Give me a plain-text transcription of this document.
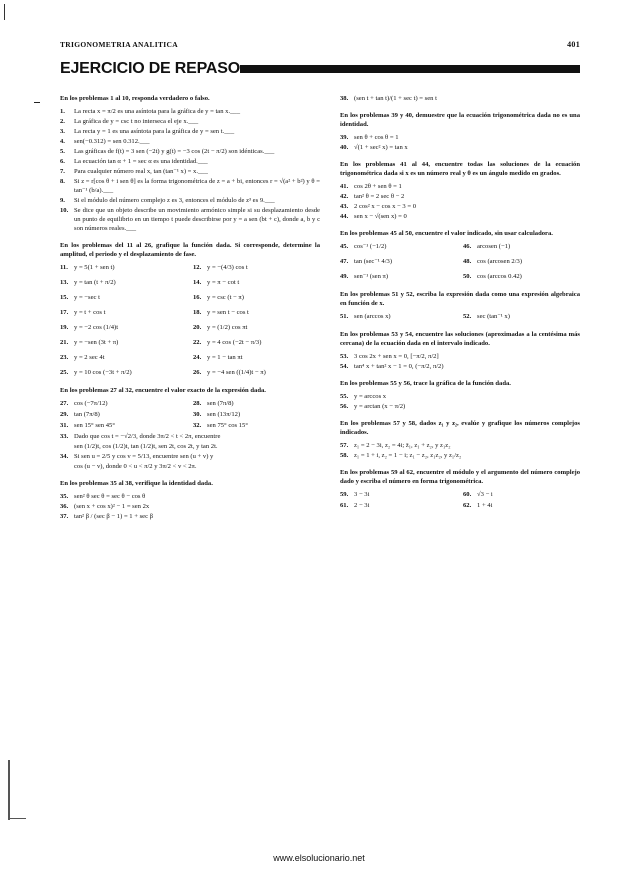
TRIGONOMETRIA ANALITICA	401
EJERCICIO DE REPASO

En los problemas 1 al 10, responda verdadero o falso.

1. La recta x = π/2 es una asíntota para la gráfica de y = tan x.___
2. La gráfica de y = csc t no interseca el eje x.___
3. La recta y = 1 es una asíntota para la gráfica de y = sen t.___
4. sen(−0.312) = sen 0.312.___
5. Las gráficas de f(t) = 3 sen (−2t) y g(t) = −3 cos (2t − π/2) son idénticas.___
6. La ecuación tan α + 1 = sec α es una identidad.___
7. Para cualquier número real x, tan (tan⁻¹ x) = x.___
8. Si z = r[cos θ + i sen θ] es la forma trigonométrica de z = a + bi, entonces r = √(a² + b²) y θ = tan⁻¹ (b/a).___
9. Si el módulo del número complejo z es 3, entonces el módulo de z³ es 9.___
10. Se dice que un objeto describe un movimiento armónico simple si su desplazamiento desde un punto de equilibrio en un tiempo t puede describirse por y = a sen (bt + c), donde a, b y c son números reales.___

En los problemas del 11 al 26, grafique la función dada. Si corresponde, determine la amplitud, el periodo y el desplazamiento de fase.

11. y = 5(1 + sen t)	12. y = −(4/3) cos t
13. y = tan (t + π/2)	14. y = π − cot t
15. y = −sec t	16. y = csc (t − π)
17. y = t + cos t	18. y = sen t − cos t
19. y = −2 cos (1/4)t	20. y = (1/2) cos πt
21. y = −sen (3t + π)	22. y = 4 cos (−2t − π/3)
23. y = 2 sec 4t	24. y = 1 − tan πt
25. y = 10 cos (−3t + π/2)	26. y = −4 sen ((1/4)t − π)

En los problemas 27 al 32, encuentre el valor exacto de la expresión dada.

27. cos (−7π/12)	28. sen (7π/8)
29. tan (7π/8)	30. sen (13π/12)
31. sen 15° sen 45°	32. sen 75° cos 15°
33. Dado que cos t = −√2/3, donde 3π/2 < t < 2π, encuentre
sen (1/2)t, cos (1/2)t, tan (1/2)t, sen 2t, cos 2t, y tan 2t.
34. Si sen u = 2/5 y cos v = 5/13, encuentre sen (u + v) y
cos (u − v), donde 0 < u < π/2 y 3π/2 < v < 2π.

En los problemas 35 al 38, verifique la identidad dada.

35. sen² θ sec θ = sec θ − cos θ
36. (sen x + cos x)² − 1 = sen 2x
37. tan² β / (sec β − 1) = 1 + sec β
38. (sen t + tan t)/(1 + sec t) = sen t

En los problemas 39 y 40, demuestre que la ecuación trigonométrica dada no es una identidad.

39. sen θ + cos θ = 1
40. √(1 + sec² x) = tan x

En los problemas 41 al 44, encuentre todas las soluciones de la ecuación trigonométrica dada si x es un número real y θ es un ángulo medido en grados.

41. cos 2θ + sen θ = 1
42. tan² θ = 2 sec θ − 2
43. 2 cos² x − cos x − 3 = 0
44. sen x − √(sen x) = 0

En los problemas 45 al 50, encuentre el valor indicado, sin usar calculadora.

45. cos⁻¹ (−1/2)	46. arcosen (−1)
47. tan (sec⁻¹ 4/3)	48. cos (arcosen 2/3)
49. sen⁻¹ (sen π)	50. cos (arccos 0.42)

En los problemas 51 y 52, escriba la expresión dada como una expresión algebraica en función de x.

51. sen (arccos x)	52. sec (tan⁻¹ x)

En los problemas 53 y 54, encuentre las soluciones (aproximadas a la centésima más cercana) de la ecuación dada en el intervalo indicado.

53. 3 cos 2x + sen x = 0, [−π/2, π/2]
54. tan⁴ x + tan² x − 1 = 0, (−π/2, π/2)

En los problemas 55 y 56, trace la gráfica de la función dada.

55. y = arccos x
56. y = arctan (x − π/2)

En los problemas 57 y 58, dados z₁ y z₂, evalúe y grafique los números complejos indicados.

57. z₁ = 2 − 3i, z₂ = 4i; z̄₁, z₁ + z₂, y z₁z₂
58. z₁ = 1 + i, z₂ = 1 − i; z₁ − z₂, z₁z₂, y z₁/z₂

En los problemas 59 al 62, encuentre el módulo y el argumento del número complejo dado y escriba el número en forma trigonométrica.

59. 3 − 3i	60. √3 − i
61. 2 − 3i	62. 1 + 4i
www.elsolucionario.net
